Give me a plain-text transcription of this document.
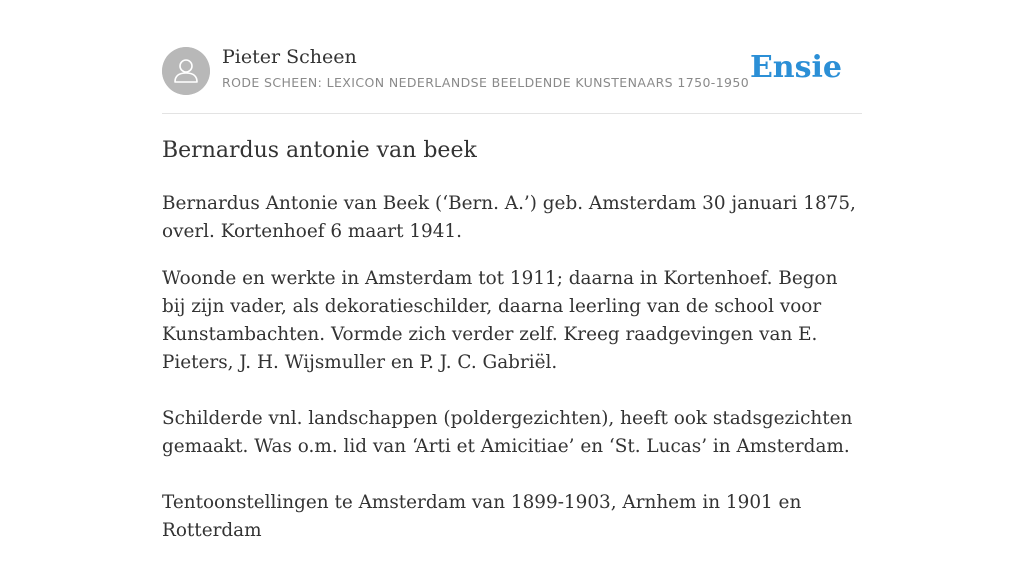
Pieter Scheen
RODE SCHEEN: LEXICON NEDERLANDSE BEELDENDE KUNSTENAARS 1750-1950 Ensie
Bernardus antonie van beek

Bernardus Antonie van Beek (‘Bern. A.’) geb. Amsterdam 30 januari 1875, overl. Kortenhoef 6 maart 1941.

Woonde en werkte in Amsterdam tot 1911; daarna in Kortenhoef. Begon bij zijn vader, als dekoratieschilder, daarna leerling van de school voor Kunstambachten. Vormde zich verder zelf. Kreeg raadgevingen van E. Pieters, J. H. Wijsmuller en P. J. C. Gabriël.

Schilderde vnl. landschappen (poldergezichten), heeft ook stadsgezichten gemaakt. Was o.m. lid van ‘Arti et Amicitiae’ en ‘St. Lucas’ in Amsterdam.

Tentoonstellingen te Amsterdam van 1899-1903, Arnhem in 1901 en Rotterdam
